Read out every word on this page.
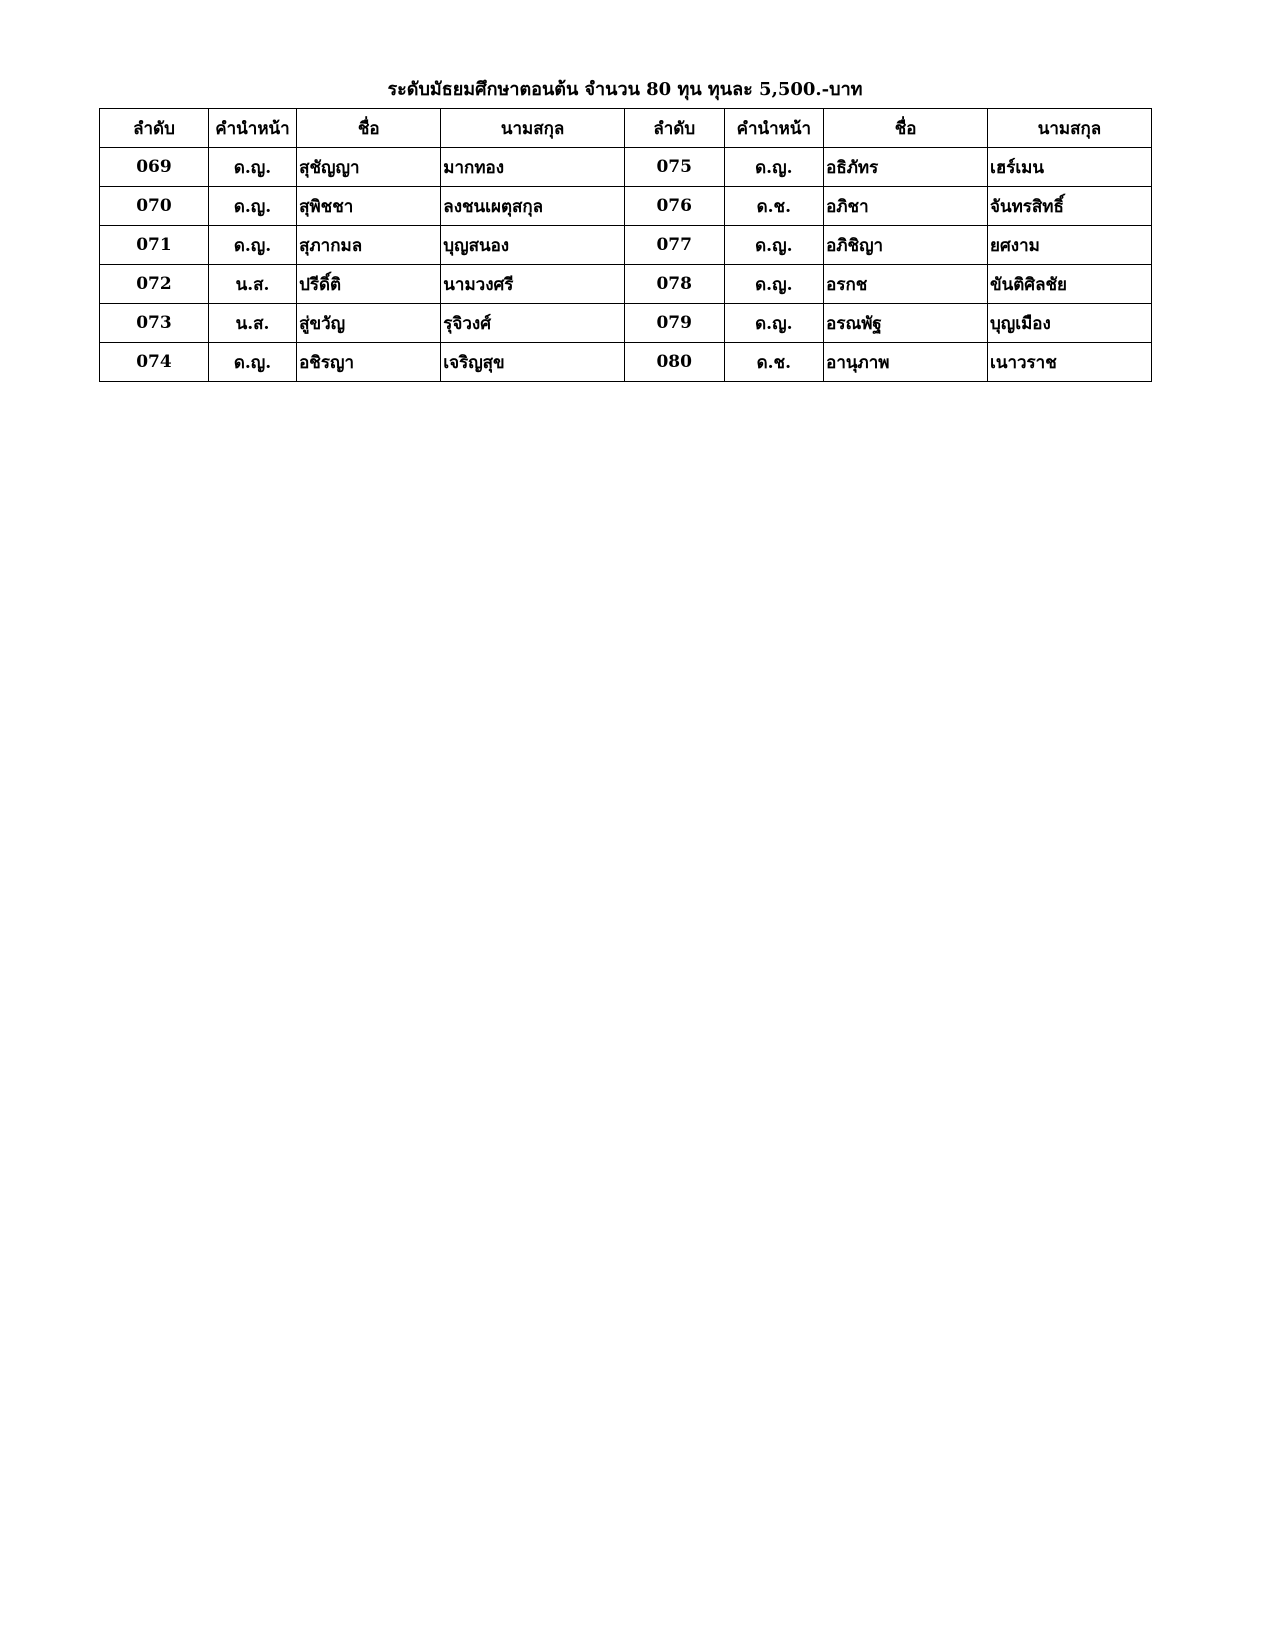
ระดับมัธยมศึกษาตอนต้น จำนวน 80 ทุน ทุนละ 5,500.-บาท
ลำดับ	คำนำหน้า	ชื่อ	นามสกุล	ลำดับ	คำนำหน้า	ชื่อ	นามสกุล
069	ด.ญ.	สุชัญญา	มากทอง	075	ด.ญ.	อธิภัทร	เฮร์เมน
070	ด.ญ.	สุพิชชา	ลงชนเผตุสกุล	076	ด.ช.	อภิชา	จันทรสิทธิ์
071	ด.ญ.	สุภากมล	บุญสนอง	077	ด.ญ.	อภิชิญา	ยศงาม
072	น.ส.	ปรีดิ์ติ	นามวงศรี	078	ด.ญ.	อรกช	ขันติศิลชัย
073	น.ส.	สู่ขวัญ	รุจิวงศ์	079	ด.ญ.	อรณพัฐ	บุญเมือง
074	ด.ญ.	อชิรญา	เจริญสุข	080	ด.ช.	อานุภาพ	เนาวราช
